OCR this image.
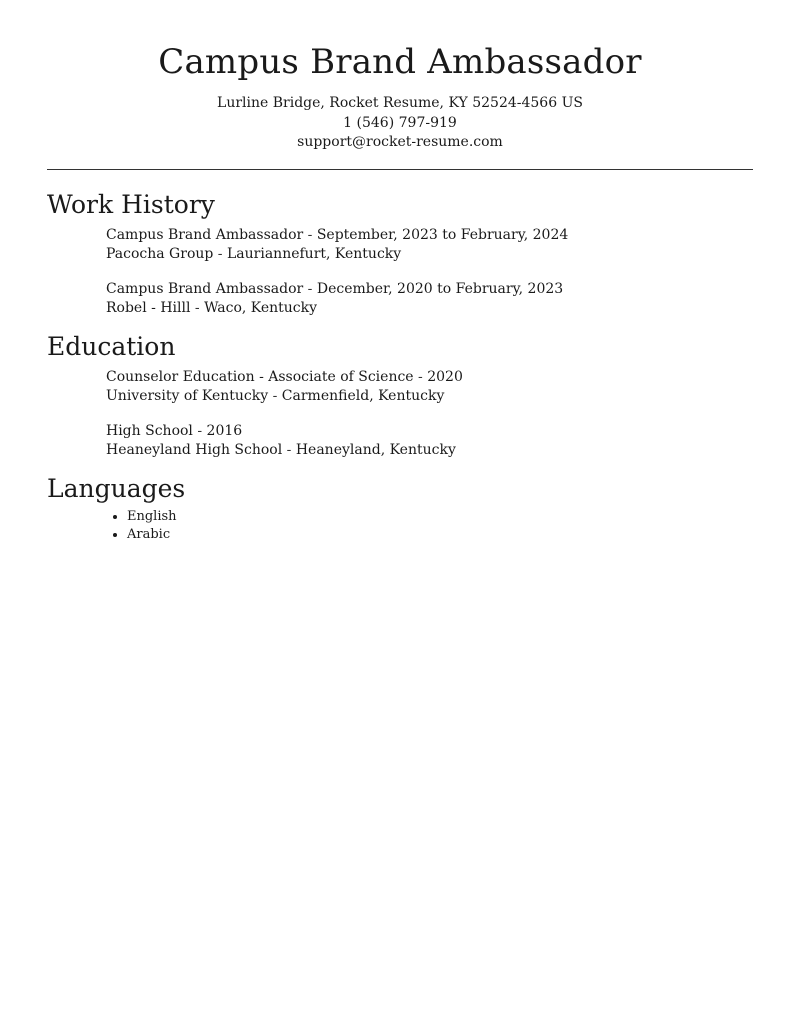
Campus Brand Ambassador
Lurline Bridge, Rocket Resume, KY 52524-4566 US
1 (546) 797-919
support@rocket-resume.com
Work History
Campus Brand Ambassador - September, 2023 to February, 2024
Pacocha Group - Lauriannefurt, Kentucky
Campus Brand Ambassador - December, 2020 to February, 2023
Robel - Hilll - Waco, Kentucky
Education
Counselor Education - Associate of Science - 2020
University of Kentucky - Carmenfield, Kentucky
High School - 2016
Heaneyland High School - Heaneyland, Kentucky
Languages
• English
• Arabic
